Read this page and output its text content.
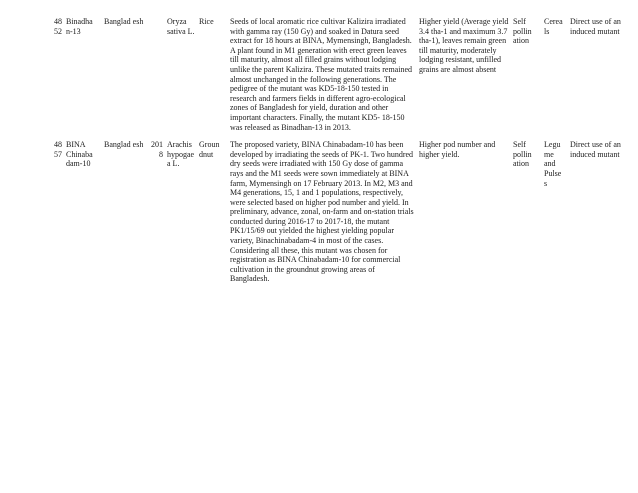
4852	Binadha n-13	Banglad esh		Oryza sativa L.	Rice	Seeds of local aromatic rice cultivar Kalizira irradiated with gamma ray (150 Gy) and soaked in Datura seed extract for 18 hours at BINA, Mymensingh, Bangladesh. A plant found in M1 generation with erect green leaves till maturity, almost all filled grains without lodging unlike the parent Kalizira. These mutated traits remained almost unchanged in the following generations. The pedigree of the mutant was KD5-18-150 tested in research and farmers fields in different agro-ecological zones of Bangladesh for yield, duration and other important characters. Finally, the mutant KD5- 18-150 was released as Binadhan-13 in 2013.	Higher yield (Average yield 3.4 tha-1 and maximum 3.7 tha-1), leaves remain green till maturity, moderately lodging resistant, unfilled grains are almost absent	Self pollin ation	Cerea ls	Direct use of an induced mutant
4857	BINA Chinaba dam-10	Banglad esh	2018	Arachis hypogaea L.	Groun dnut	The proposed variety, BINA Chinabadam-10 has been developed by irradiating the seeds of PK-1. Two hundred dry seeds were irradiated with 150 Gy dose of gamma rays and the M1 seeds were sown immediately at BINA farm, Mymensingh on 17 February 2013. In M2, M3 and M4 generations, 15, 1 and 1 populations, respectively, were selected based on higher pod number and yield. In preliminary, advance, zonal, on-farm and on-station trials conducted during 2016-17 to 2017-18, the mutant PK1/15/69 out yielded the highest yielding popular variety, Binachinabadam-4 in most of the cases. Considering all these, this mutant was chosen for registration as BINA Chinabadam-10 for commercial cultivation in the groundnut growing areas of Bangladesh.	Higher pod number and higher yield.	Self pollin ation	Legu me and Pulse s	Direct use of an induced mutant
